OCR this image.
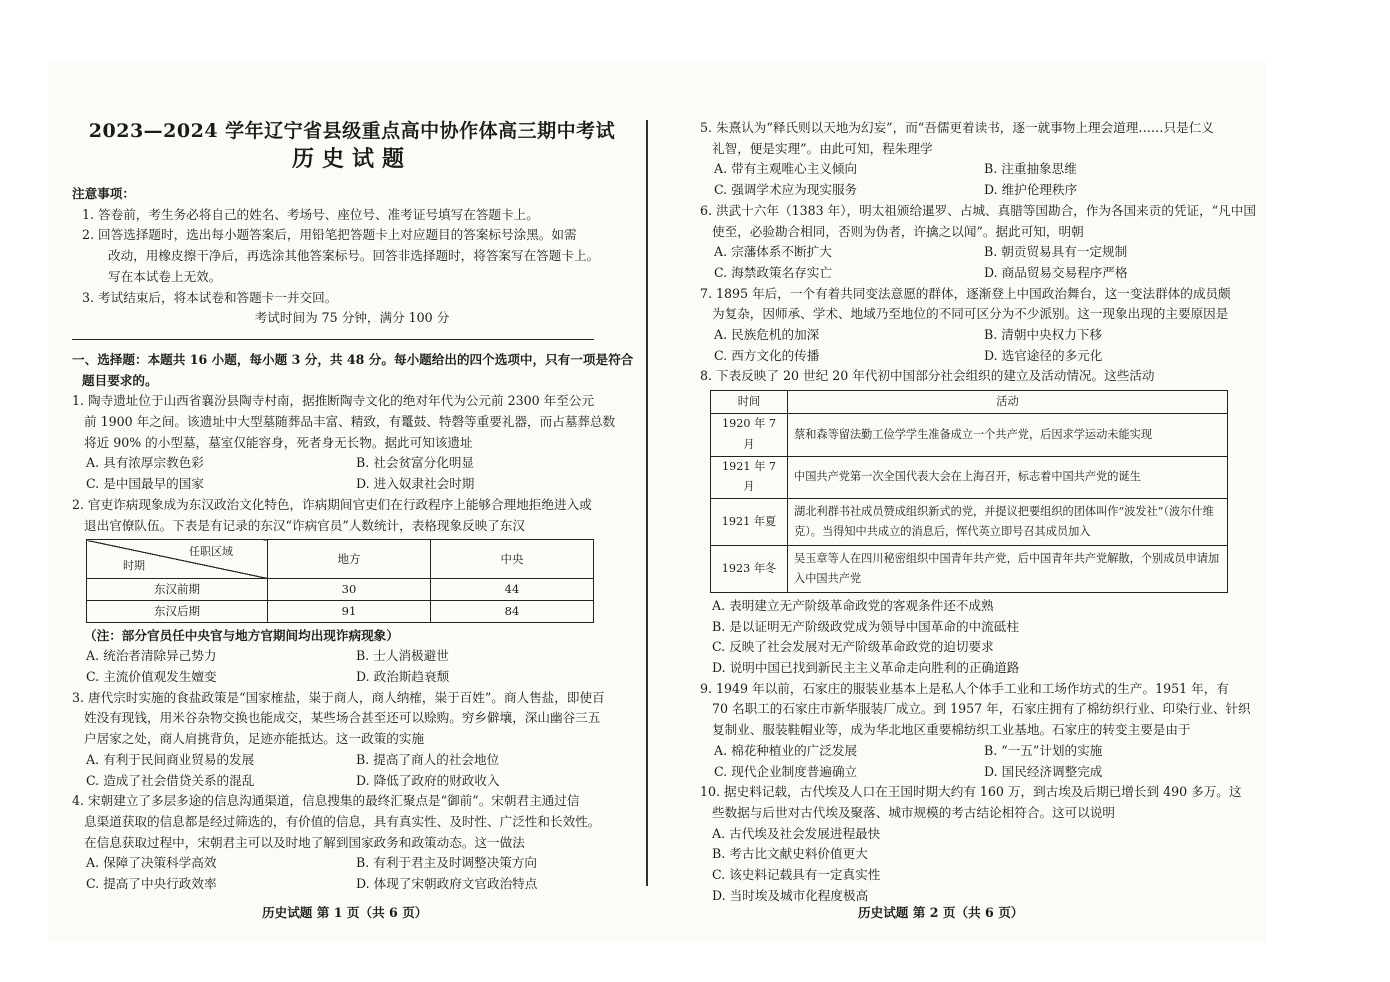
2023—2024 学年辽宁省县级重点高中协作体高三期中考试

历史试题

注意事项：

1. 答卷前，考生务必将自己的姓名、考场号、座位号、准考证号填写在答题卡上。

2. 回答选择题时，选出每小题答案后，用铅笔把答题卡上对应题目的答案标号涂黑。如需

改动，用橡皮擦干净后，再选涂其他答案标号。回答非选择题时，将答案写在答题卡上。

写在本试卷上无效。

3. 考试结束后，将本试卷和答题卡一并交回。

考试时间为 75 分钟，满分 100 分

一、选择题：本题共 16 小题，每小题 3 分，共 48 分。每小题给出的四个选项中，只有一项是符合

题目要求的。

1. 陶寺遗址位于山西省襄汾县陶寺村南，据推断陶寺文化的绝对年代为公元前 2300 年至公元

前 1900 年之间。该遗址中大型墓随葬品丰富、精致，有鼍鼓、特磬等重要礼器，而占墓葬总数

将近 90% 的小型墓，墓室仅能容身，死者身无长物。据此可知该遗址

A. 具有浓厚宗教色彩	B. 社会贫富分化明显
C. 是中国最早的国家	D. 进入奴隶社会时期

2. 官吏诈病现象成为东汉政治文化特色，诈病期间官吏们在行政程序上能够合理地拒绝进入或

退出官僚队伍。下表是有记录的东汉“诈病官员”人数统计，表格现象反映了东汉

任职区域
时期	地方	中央
东汉前期	30	44
东汉后期	91	84

（注：部分官员任中央官与地方官期间均出现诈病现象）

A. 统治者清除异己势力	B. 士人消极避世
C. 主流价值观发生嬗变	D. 政治斯趋衰颓

3. 唐代宗时实施的食盐政策是“国家榷盐，粜于商人，商人纳榷，粜于百姓”。商人售盐，即使百

姓没有现钱，用米谷杂物交换也能成交，某些场合甚至还可以赊购。穷乡僻壤，深山幽谷三五

户居家之处，商人肩挑背负，足迹亦能抵达。这一政策的实施

A. 有利于民间商业贸易的发展	B. 提高了商人的社会地位
C. 造成了社会借贷关系的混乱	D. 降低了政府的财政收入

4. 宋朝建立了多层多途的信息沟通渠道，信息搜集的最终汇聚点是“御前”。宋朝君主通过信

息渠道获取的信息都是经过筛选的，有价值的信息，具有真实性、及时性、广泛性和长效性。

在信息获取过程中，宋朝君主可以及时地了解到国家政务和政策动态。这一做法

A. 保障了决策科学高效	B. 有利于君主及时调整决策方向
C. 提高了中央行政效率	D. 体现了宋朝政府文官政治特点

5. 朱熹认为“释氏则以天地为幻妄”，而“吾儒更着读书，逐一就事物上理会道理……只是仁义

礼智，便是实理”。由此可知，程朱理学

A. 带有主观唯心主义倾向	B. 注重抽象思维
C. 强调学术应为现实服务	D. 维护伦理秩序

6. 洪武十六年（1383 年），明太祖颁给暹罗、占城、真腊等国勘合，作为各国来贡的凭证，“凡中国

使至，必验勘合相同，否则为伪者，许擒之以闻”。据此可知，明朝

A. 宗藩体系不断扩大	B. 朝贡贸易具有一定规制
C. 海禁政策名存实亡	D. 商品贸易交易程序严格

7. 1895 年后，一个有着共同变法意愿的群体，逐渐登上中国政治舞台，这一变法群体的成员颇

为复杂，因师承、学术、地域乃至地位的不同可区分为不少派别。这一现象出现的主要原因是

A. 民族危机的加深	B. 清朝中央权力下移
C. 西方文化的传播	D. 选官途径的多元化

8. 下表反映了 20 世纪 20 年代初中国部分社会组织的建立及活动情况。这些活动

时间	活动
1920 年 7 月	蔡和森等留法勤工俭学学生准备成立一个共产党，后因求学运动未能实现
1921 年 7 月	中国共产党第一次全国代表大会在上海召开，标志着中国共产党的诞生
1921 年夏	湖北利群书社成员赞成组织新式的党，并提议把要组织的团体叫作“波发社”（波尔什维克）。当得知中共成立的消息后，恽代英立即号召其成员加入
1923 年冬	吴玉章等人在四川秘密组织中国青年共产党，后中国青年共产党解散，个别成员申请加入中国共产党

A. 表明建立无产阶级革命政党的客观条件还不成熟

B. 是以证明无产阶级政党成为领导中国革命的中流砥柱

C. 反映了社会发展对无产阶级革命政党的迫切要求

D. 说明中国已找到新民主主义革命走向胜利的正确道路

9. 1949 年以前，石家庄的服装业基本上是私人个体手工业和工场作坊式的生产。1951 年，有

70 名职工的石家庄市新华服装厂成立。到 1957 年，石家庄拥有了棉纺织行业、印染行业、针织

复制业、服装鞋帽业等，成为华北地区重要棉纺织工业基地。石家庄的转变主要是由于

A. 棉花种植业的广泛发展	B. “一五”计划的实施
C. 现代企业制度普遍确立	D. 国民经济调整完成

10. 据史料记载，古代埃及人口在王国时期大约有 160 万，到古埃及后期已增长到 490 多万。这

些数据与后世对古代埃及聚落、城市规模的考古结论相符合。这可以说明

A. 古代埃及社会发展进程最快

B. 考古比文献史料价值更大

C. 该史料记载具有一定真实性

D. 当时埃及城市化程度极高

历史试题 第 1 页（共 6 页）	历史试题 第 2 页（共 6 页）
